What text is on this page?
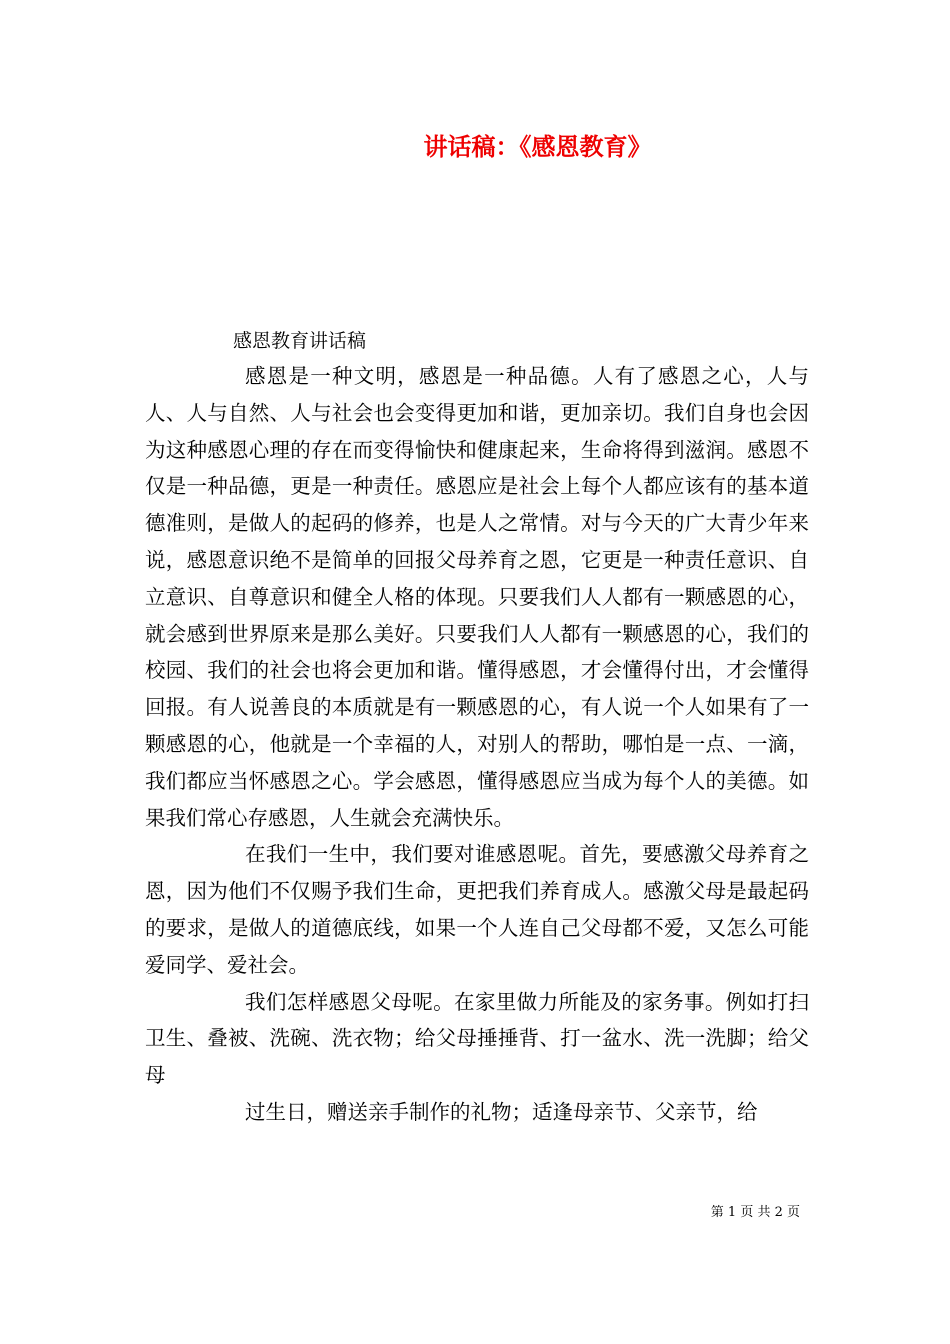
讲话稿：《感恩教育》

感恩教育讲话稿

感恩是一种文明，感恩是一种品德。人有了感恩之心，人与人、人与自然、人与社会也会变得更加和谐，更加亲切。我们自身也会因为这种感恩心理的存在而变得愉快和健康起来，生命将得到滋润。感恩不仅是一种品德，更是一种责任。感恩应是社会上每个人都应该有的基本道德准则，是做人的起码的修养，也是人之常情。对与今天的广大青少年来说，感恩意识绝不是简单的回报父母养育之恩，它更是一种责任意识、自立意识、自尊意识和健全人格的体现。只要我们人人都有一颗感恩的心，就会感到世界原来是那么美好。只要我们人人都有一颗感恩的心，我们的校园、我们的社会也将会更加和谐。懂得感恩，才会懂得付出，才会懂得回报。有人说善良的本质就是有一颗感恩的心，有人说一个人如果有了一颗感恩的心，他就是一个幸福的人，对别人的帮助，哪怕是一点、一滴，我们都应当怀感恩之心。学会感恩，懂得感恩应当成为每个人的美德。如果我们常心存感恩，人生就会充满快乐。

在我们一生中，我们要对谁感恩呢。首先，要感激父母养育之恩，因为他们不仅赐予我们生命，更把我们养育成人。感激父母是最起码的要求，是做人的道德底线，如果一个人连自己父母都不爱，又怎么可能爱同学、爱社会。

我们怎样感恩父母呢。在家里做力所能及的家务事。例如打扫卫生、叠被、洗碗、洗衣物；给父母捶捶背、打一盆水、洗一洗脚；给父母

过生日，赠送亲手制作的礼物；适逢母亲节、父亲节，给

第 1 页 共 2 页
